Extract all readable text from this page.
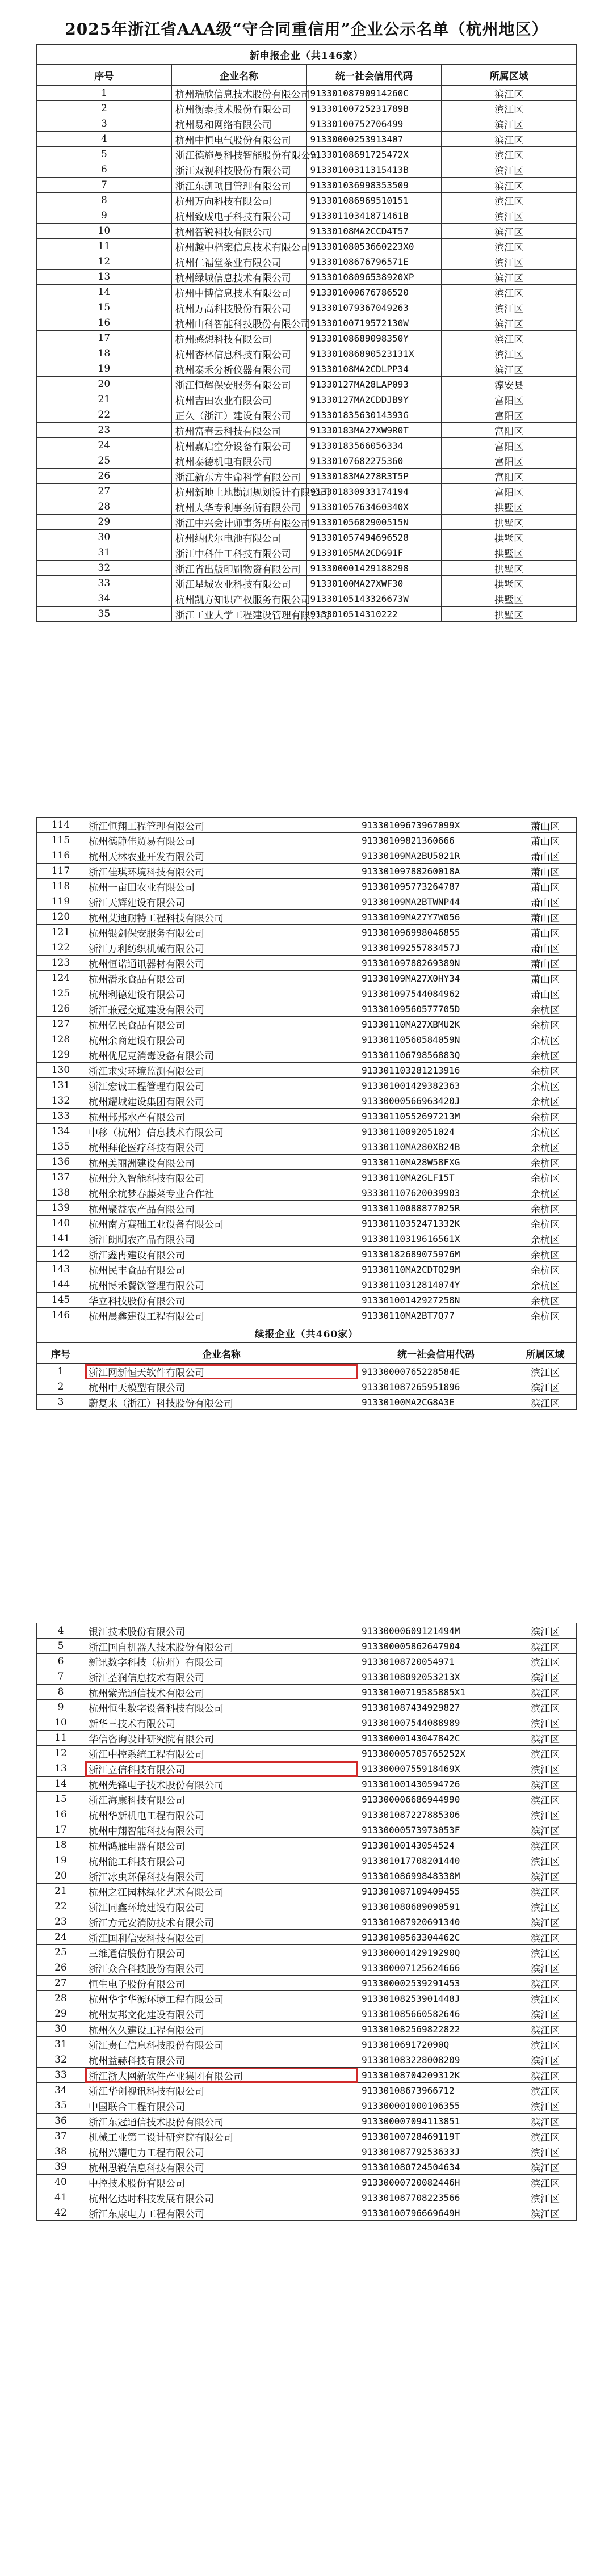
2025年浙江省AAA级“守合同重信用”企业公示名单（杭州地区）
新申报企业（共146家）			
序号	企业名称	统一社会信用代码	所属区域
1	杭州瑞欣信息技术股份有限公司	91330108790914260C	滨江区
2	杭州衡泰技术股份有限公司	91330100725231789B	滨江区
3	杭州易和网络有限公司	91330100752706499	滨江区
4	杭州中恒电气股份有限公司	91330000253913407	滨江区
5	浙江德施曼科技智能股份有限公司	91330108691725472X	滨江区
6	浙江双视科技股份有限公司	91330100311315413B	滨江区
7	浙江东凯项目管理有限公司	913301036998353509	滨江区
8	杭州万向科技有限公司	913301086969510151	滨江区
9	杭州致成电子科技有限公司	91330110341871461B	滨江区
10	杭州智锐科技有限公司	91330108MA2CCD4T57	滨江区
11	杭州越中档案信息技术有限公司	91330108053660223X0	滨江区
12	杭州仁福堂茶业有限公司	91330108676796571E	滨江区
13	杭州绿城信息技术有限公司	91330108096538920XP	滨江区
14	杭州中博信息技术有限公司	913301000676786520	滨江区
15	杭州万高科技股份有限公司	913301079367049263	滨江区
16	杭州山科智能科技股份有限公司	91330100719572130W	滨江区
17	杭州感想科技有限公司	91330108689098350Y	滨江区
18	杭州杏林信息科技有限公司	913301086890523131X	滨江区
19	杭州泰禾分析仪器有限公司	91330108MA2CDLPP34	滨江区
20	浙江恒辉保安服务有限公司	91330127MA28LAP093	淳安县
21	杭州吉田农业有限公司	91330127MA2CDDJB9Y	富阳区
22	正久（浙江）建设有限公司	91330183563014393G	富阳区
23	杭州富春云科技有限公司	91330183MA27XW9R0T	富阳区
24	杭州嘉启空分设备有限公司	91330183566056334	富阳区
25	杭州泰德机电有限公司	91330107682275360	富阳区
26	浙江新东方生命科学有限公司	91330183MA278R3T5P	富阳区
27	杭州新地土地勘测规划设计有限公司	913301830933174194	富阳区
28	杭州大华专利事务所有限公司	91330105763460340X	拱墅区
29	浙江中兴会计师事务所有限公司	91330105682900515N	拱墅区
30	杭州纳伏尔电池有限公司	913301057494696528	拱墅区
31	浙江中科什工科技有限公司	91330105MA2CDG91F	拱墅区
32	浙江省出版印刷物资有限公司	913300001429188298	拱墅区
33	浙江星城农业科技有限公司	91330100MA27XWF30	拱墅区
34	杭州凯方知识产权服务有限公司	91330105143326673W	拱墅区
35	浙江工业大学工程建设管理有限公司	9133010514310222	拱墅区
114	浙江恒翔工程管理有限公司	91330109673967099X	萧山区
115	杭州德静佳贸易有限公司	91330109821360666	萧山区
116	杭州天林农业开发有限公司	91330109MA2BU5021R	萧山区
117	浙江佳琪环境科技有限公司	91330109788260018A	萧山区
118	杭州一亩田农业有限公司	913301095773264787	萧山区
119	浙江天辉建设有限公司	91330109MA2BTWNP44	萧山区
120	杭州艾迪耐特工程科技有限公司	91330109MA27Y7W056	萧山区
121	杭州银剑保安服务有限公司	913301096998046855	萧山区
122	浙江万利纺织机械有限公司	91330109255783457J	萧山区
123	杭州恒诺通讯器材有限公司	91330109788269389N	萧山区
124	杭州潘永食品有限公司	91330109MA27X0HY34	萧山区
125	杭州利德建设有限公司	913301097544084962	萧山区
126	浙江兼冠交通建设有限公司	91330109560577705D	余杭区
127	杭州亿民食品有限公司	91330110MA27XBMU2K	余杭区
128	杭州余商建设有限公司	91330110560584059N	余杭区
129	杭州优尼克消毒设备有限公司	91330110679856883Q	余杭区
130	浙江求实环境监测有限公司	913301103281213916	余杭区
131	浙江宏诚工程管理有限公司	913301001429382363	余杭区
132	杭州耀城建设集团有限公司	91330000566963420J	余杭区
133	杭州邦邦水产有限公司	91330110552697213M	余杭区
134	中移（杭州）信息技术有限公司	91330110092051024	余杭区
135	杭州拜伦医疗科技有限公司	91330110MA280XB24B	余杭区
136	杭州美丽洲建设有限公司	91330110MA28W58FXG	余杭区
137	杭州分入智能科技有限公司	91330110MA2GLF15T	余杭区
138	杭州余杭梦春藤菜专业合作社	933301107620039903	余杭区
139	杭州聚益农产品有限公司	91330110088877025R	余杭区
140	杭州南方赛础工业设备有限公司	91330110352471332K	余杭区
141	浙江朗明农产品有限公司	91330110319616561X	余杭区
142	浙江鑫冉建设有限公司	91330182689075976M	余杭区
143	杭州民丰食品有限公司	91330110MA2CDTQ29M	余杭区
144	杭州博禾餐饮管理有限公司	91330110312814074Y	余杭区
145	华立科技股份有限公司	91330100142927258N	余杭区
146	杭州晨鑫建设工程有限公司	91330110MA2BT7Q77	余杭区
续报企业（共460家）			
序号	企业名称	统一社会信用代码	所属区域
1	浙江网新恒天软件有限公司	91330000765228584E	滨江区
2	杭州中天模型有限公司	913301087265951896	滨江区
3	蔚复来（浙江）科技股份有限公司	91330100MA2CG8A3E	滨江区
4	银江技术股份有限公司	91330000609121494M	滨江区
5	浙江国自机器人技术股份有限公司	913300005862647904	滨江区
6	新讯数字科技（杭州）有限公司	91330108720054971	滨江区
7	浙江荃润信息技术有限公司	91330108092053213X	滨江区
8	杭州紫光通信技术有限公司	91330100719585885X1	滨江区
9	杭州恒生数字设备科技有限公司	913301087434929827	滨江区
10	新华三技术有限公司	913301007544088989	滨江区
11	华信咨询设计研究院有限公司	91330000143047842C	滨江区
12	浙江中控系统工程有限公司	913300005705765252X	滨江区
13	浙江立信科技有限公司	91330000755918469X	滨江区
14	杭州先锋电子技术股份有限公司	913301001430594726	滨江区
15	浙江海康科技有限公司	913300006686944990	滨江区
16	杭州华新机电工程有限公司	913301087227885306	滨江区
17	杭州中翔智能科技有限公司	91330000573973053F	滨江区
18	杭州鸿雁电器有限公司	91330100143054524	滨江区
19	杭州能工科技有限公司	913301017708201440	滨江区
20	浙江冰虫环保科技有限公司	91330108699848338M	滨江区
21	杭州之江园林绿化艺术有限公司	913301087109409455	滨江区
22	浙江同鑫环境建设有限公司	913301080689090591	滨江区
23	浙江方元安消防技术有限公司	913301087920691340	滨江区
24	浙江国利信安科技有限公司	91330108563304462C	滨江区
25	三维通信股份有限公司	91330000142919290Q	滨江区
26	浙江众合科技股份有限公司	913300007125624666	滨江区
27	恒生电子股份有限公司	913300002539291453	滨江区
28	杭州华宇华源环境工程有限公司	91330108253901448J	滨江区
29	杭州友邦文化建设有限公司	913301085660582646	滨江区
30	杭州久久建设工程有限公司	913301082569822822	滨江区
31	浙江贵仁信息科技股份有限公司	913301069172090Q	滨江区
32	杭州益赫科技有限公司	913301083228008209	滨江区
33	浙江浙大网新软件产业集团有限公司	91330108704209312K	滨江区
34	浙江华创视讯科技有限公司	91330108673966712	滨江区
35	中国联合工程有限公司	913300001000106355	滨江区
36	浙江东冠通信技术股份有限公司	913300007094113851	滨江区
37	机械工业第二设计研究院有限公司	91330100728469119T	滨江区
38	杭州兴耀电力工程有限公司	91330108779253633J	滨江区
39	杭州思锐信息科技有限公司	913301080724504634	滨江区
40	中控技术股份有限公司	91330000720082446H	滨江区
41	杭州亿达时科技发展有限公司	913301087708223566	滨江区
42	浙江东康电力工程有限公司	91330100796669649H	滨江区
